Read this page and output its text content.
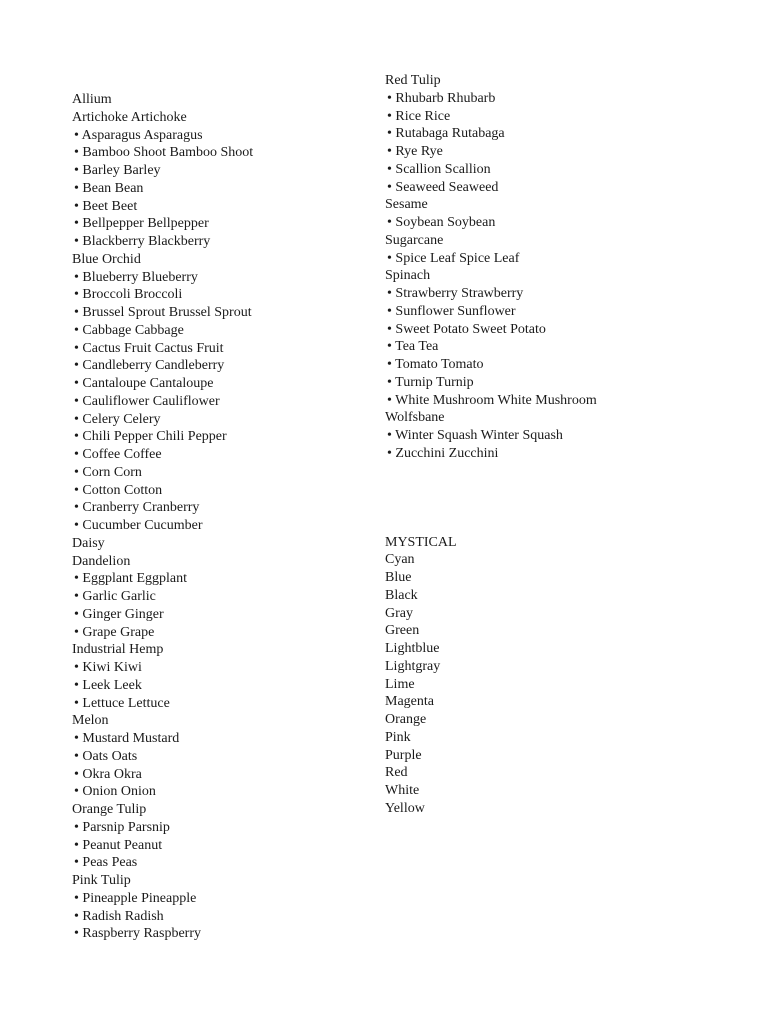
Allium
Artichoke Artichoke
• Asparagus Asparagus
• Bamboo Shoot Bamboo Shoot
• Barley Barley
• Bean Bean
• Beet Beet
• Bellpepper Bellpepper
• Blackberry Blackberry
Blue Orchid
• Blueberry Blueberry
• Broccoli Broccoli
• Brussel Sprout Brussel Sprout
• Cabbage Cabbage
• Cactus Fruit Cactus Fruit
• Candleberry Candleberry
• Cantaloupe Cantaloupe
• Cauliflower Cauliflower
• Celery Celery
• Chili Pepper Chili Pepper
• Coffee Coffee
• Corn Corn
• Cotton Cotton
• Cranberry Cranberry
• Cucumber Cucumber
Daisy
Dandelion
• Eggplant Eggplant
• Garlic Garlic
• Ginger Ginger
• Grape Grape
Industrial Hemp
• Kiwi Kiwi
• Leek Leek
• Lettuce Lettuce
Melon
• Mustard Mustard
• Oats Oats
• Okra Okra
• Onion Onion
Orange Tulip
• Parsnip Parsnip
• Peanut Peanut
• Peas Peas
Pink Tulip
• Pineapple Pineapple
• Radish Radish
• Raspberry Raspberry
Red Tulip
• Rhubarb Rhubarb
• Rice Rice
• Rutabaga Rutabaga
• Rye Rye
• Scallion Scallion
• Seaweed Seaweed
Sesame
• Soybean Soybean
Sugarcane
• Spice Leaf Spice Leaf
Spinach
• Strawberry Strawberry
• Sunflower Sunflower
• Sweet Potato Sweet Potato
• Tea Tea
• Tomato Tomato
• Turnip Turnip
• White Mushroom White Mushroom
Wolfsbane
• Winter Squash Winter Squash
• Zucchini Zucchini
MYSTICAL
Cyan
Blue
Black
Gray
Green
Lightblue
Lightgray
Lime
Magenta
Orange
Pink
Purple
Red
White
Yellow
